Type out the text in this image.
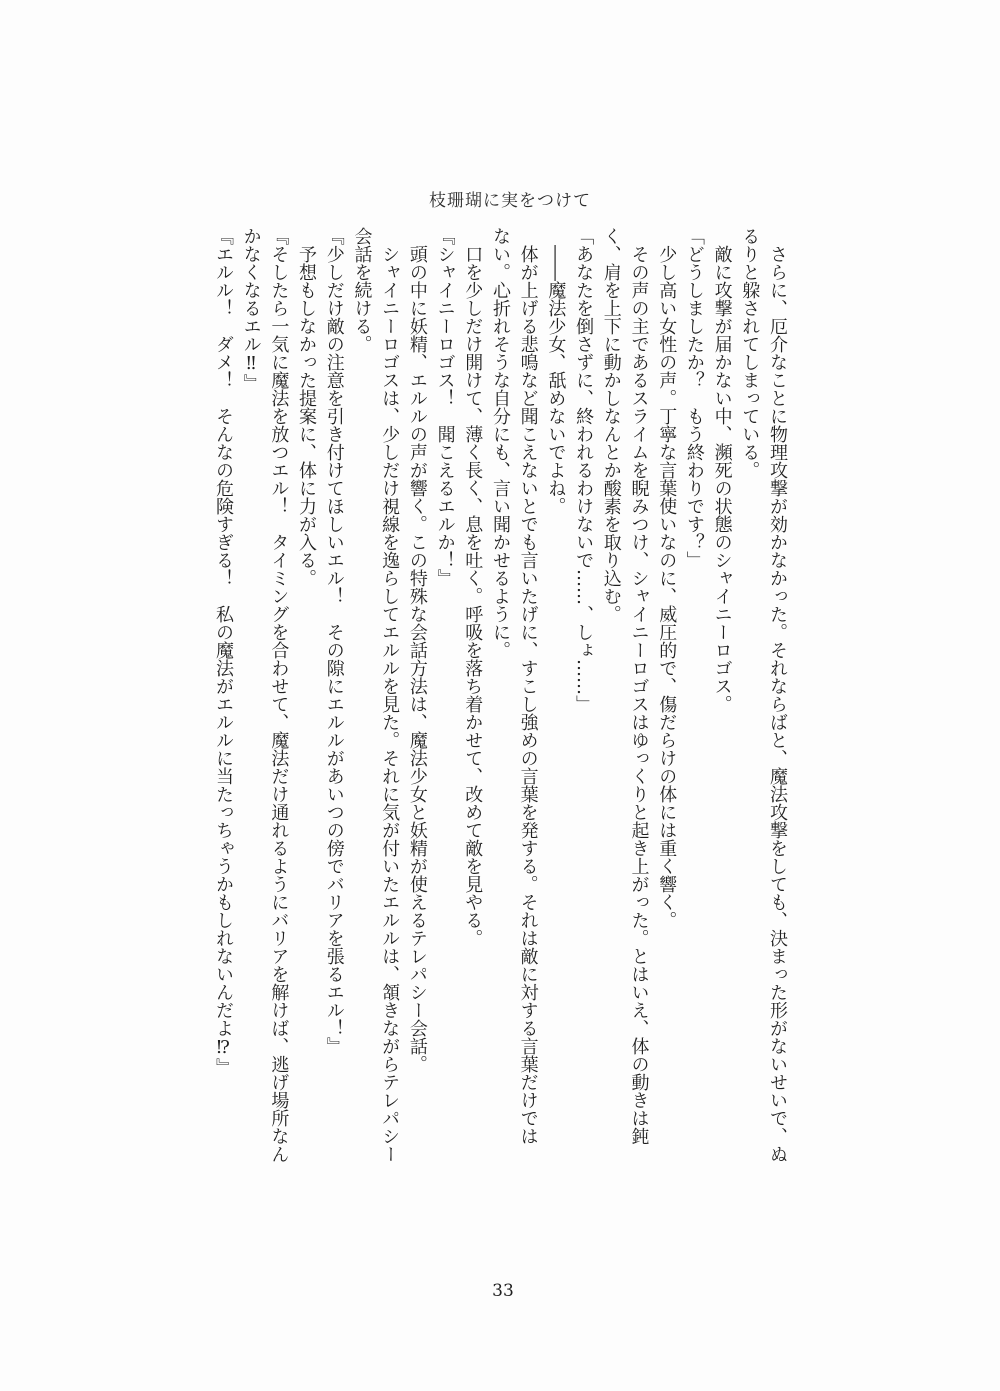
枝珊瑚に実をつけて
さらに、厄介なことに物理攻撃が効かなかった。それならばと、魔法攻撃をしても、決まった形がないせいで、ぬ
るりと躱されてしまっている。
敵に攻撃が届かない中、瀕死の状態のシャイニーロゴス。
「どうしましたか？　もう終わりです？」
少し高い女性の声。丁寧な言葉使いなのに、威圧的で、傷だらけの体には重く響く。
その声の主であるスライムを睨みつけ、シャイニーロゴスはゆっくりと起き上がった。とはいえ、体の動きは鈍
く、肩を上下に動かしなんとか酸素を取り込む。
「あなたを倒さずに、終われるわけないで……、しょ……」
――魔法少女、舐めないでよね。
体が上げる悲鳴など聞こえないとでも言いたげに、すこし強めの言葉を発する。それは敵に対する言葉だけでは
ない。心折れそうな自分にも、言い聞かせるように。
口を少しだけ開けて、薄く長く、息を吐く。呼吸を落ち着かせて、改めて敵を見やる。
『シャイニーロゴス！　聞こえるエルか！』
頭の中に妖精、エルルの声が響く。この特殊な会話方法は、魔法少女と妖精が使えるテレパシー会話。
シャイニーロゴスは、少しだけ視線を逸らしてエルルを見た。それに気が付いたエルルは、頷きながらテレパシー
会話を続ける。
『少しだけ敵の注意を引き付けてほしいエル！　その隙にエルルがあいつの傍でバリアを張るエル！』
予想もしなかった提案に、体に力が入る。
『そしたら一気に魔法を放つエル！　タイミングを合わせて、魔法だけ通れるようにバリアを解けば、逃げ場所なん
かなくなるエル‼』
『エルル！　ダメ！　そんなの危険すぎる！　私の魔法がエルルに当たっちゃうかもしれないんだよ⁉』
33
